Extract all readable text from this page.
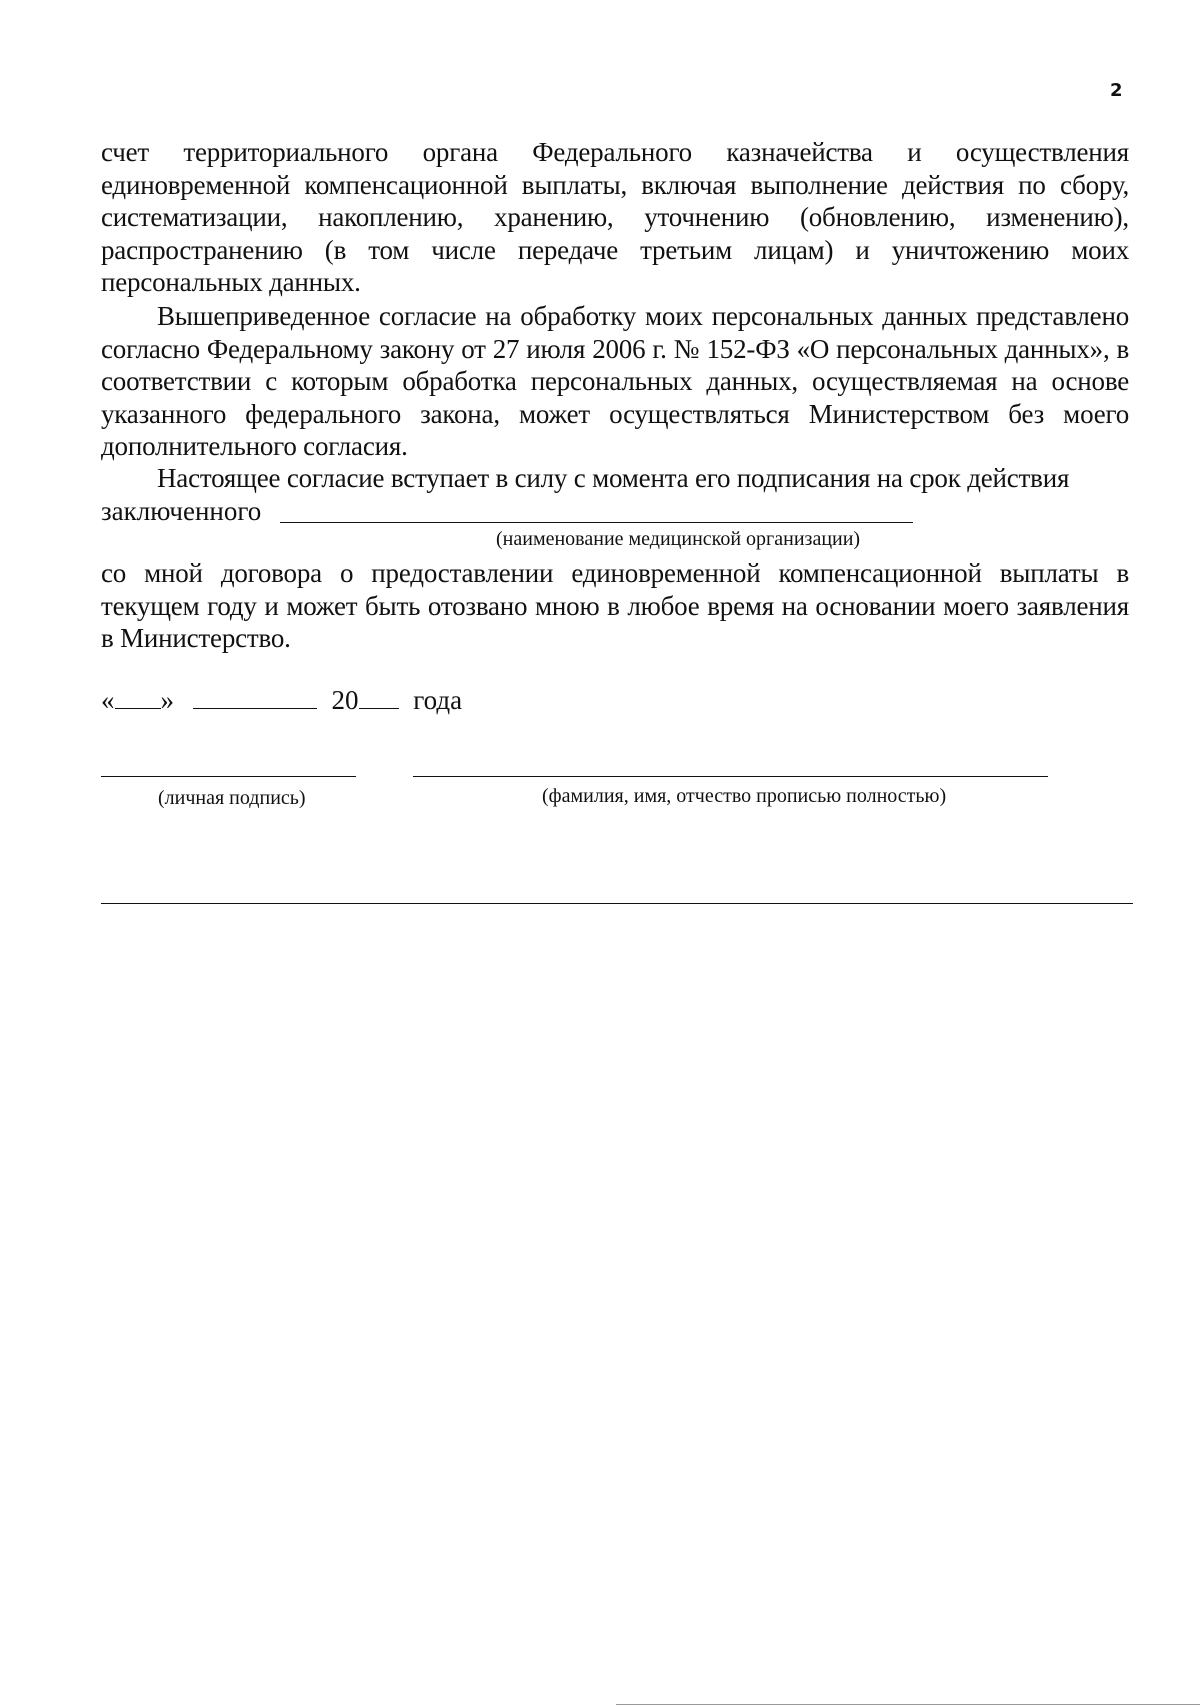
2
счет территориального органа Федерального казначейства и осуществления единовременной компенсационной выплаты, включая выполнение действия по сбору, систематизации, накоплению, хранению, уточнению (обновлению, изменению), распространению (в том числе передаче третьим лицам) и уничтожению моих персональных данных.
Вышеприведенное согласие на обработку моих персональных данных представлено согласно Федеральному закону от 27 июля 2006 г. № 152-ФЗ «О персональных данных», в соответствии с которым обработка персональных данных, осуществляемая на основе указанного федерального закона, может осуществляться Министерством без моего дополнительного согласия.
Настоящее согласие вступает в силу с момента его подписания на срок действия
заключенного
(наименование медицинской организации)
со мной договора о предоставлении единовременной компенсационной выплаты в текущем году и может быть отозвано мною в любое время на основании моего заявления в Министерство.
« »	20 года
(личная подпись)	(фамилия, имя, отчество прописью полностью)
